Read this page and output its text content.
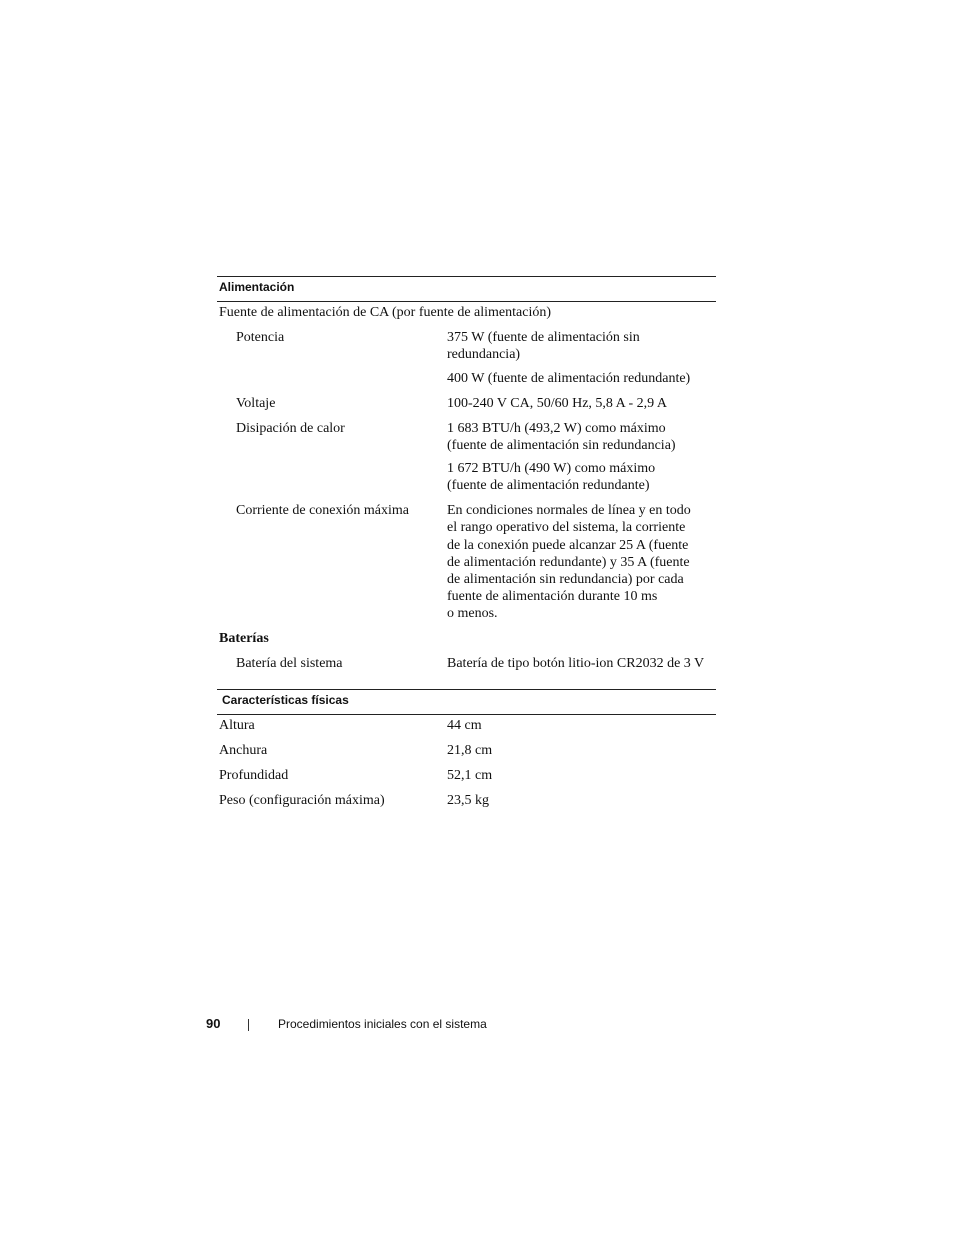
Alimentación
Fuente de alimentación de CA (por fuente de alimentación)
Potencia	375 W (fuente de alimentación sin
redundancia)
400 W (fuente de alimentación redundante)
Voltaje	100-240 V CA, 50/60 Hz, 5,8 A - 2,9 A
Disipación de calor	1 683 BTU/h (493,2 W) como máximo
(fuente de alimentación sin redundancia)
1 672 BTU/h (490 W) como máximo
(fuente de alimentación redundante)
Corriente de conexión máxima	En condiciones normales de línea y en todo
el rango operativo del sistema, la corriente
de la conexión puede alcanzar 25 A (fuente
de alimentación redundante) y 35 A (fuente
de alimentación sin redundancia) por cada
fuente de alimentación durante 10 ms
o menos.
Baterías
Batería del sistema	Batería de tipo botón litio-ion CR2032 de 3 V
Características físicas
Altura	44 cm
Anchura	21,8 cm
Profundidad	52,1 cm
Peso (configuración máxima)	23,5 kg
90	Procedimientos iniciales con el sistema
